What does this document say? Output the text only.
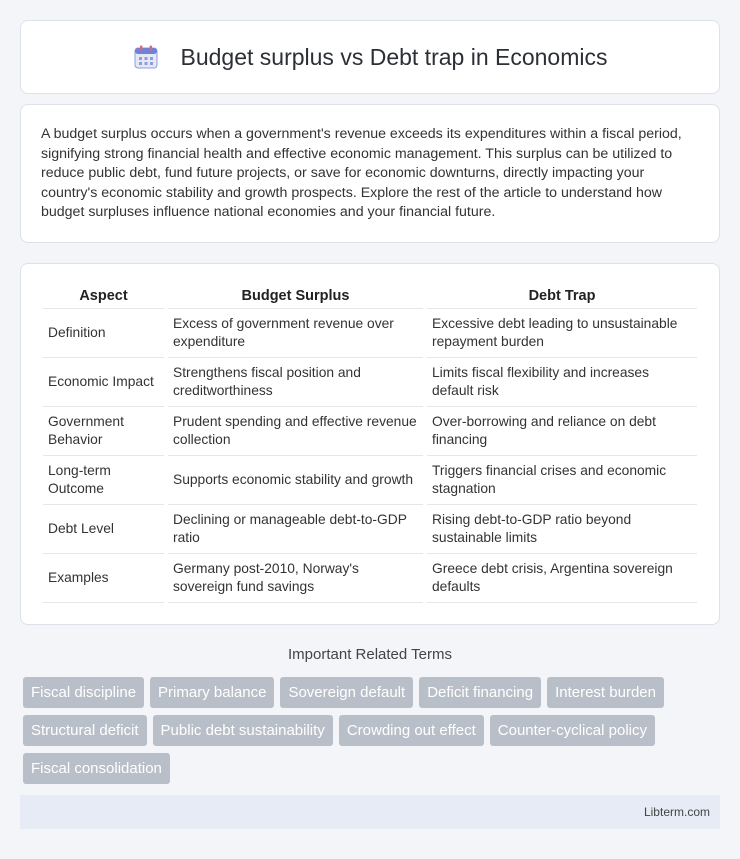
Budget surplus vs Debt trap in Economics

A budget surplus occurs when a government's revenue exceeds its expenditures within a fiscal period, signifying strong financial health and effective economic management. This surplus can be utilized to reduce public debt, fund future projects, or save for economic downturns, directly impacting your country's economic stability and growth prospects. Explore the rest of the article to understand how budget surpluses influence national economies and your financial future.

Aspect	Budget Surplus	Debt Trap
Definition	Excess of government revenue over expenditure	Excessive debt leading to unsustainable repayment burden
Economic Impact	Strengthens fiscal position and creditworthiness	Limits fiscal flexibility and increases default risk
Government Behavior	Prudent spending and effective revenue collection	Over-borrowing and reliance on debt financing
Long-term Outcome	Supports economic stability and growth	Triggers financial crises and economic stagnation
Debt Level	Declining or manageable debt-to-GDP ratio	Rising debt-to-GDP ratio beyond sustainable limits
Examples	Germany post-2010, Norway's sovereign fund savings	Greece debt crisis, Argentina sovereign defaults
Important Related Terms
Fiscal discipline	Primary balance	Sovereign default	Deficit financing	Interest burden
Structural deficit	Public debt sustainability	Crowding out effect	Counter-cyclical policy
Fiscal consolidation
Libterm.com
